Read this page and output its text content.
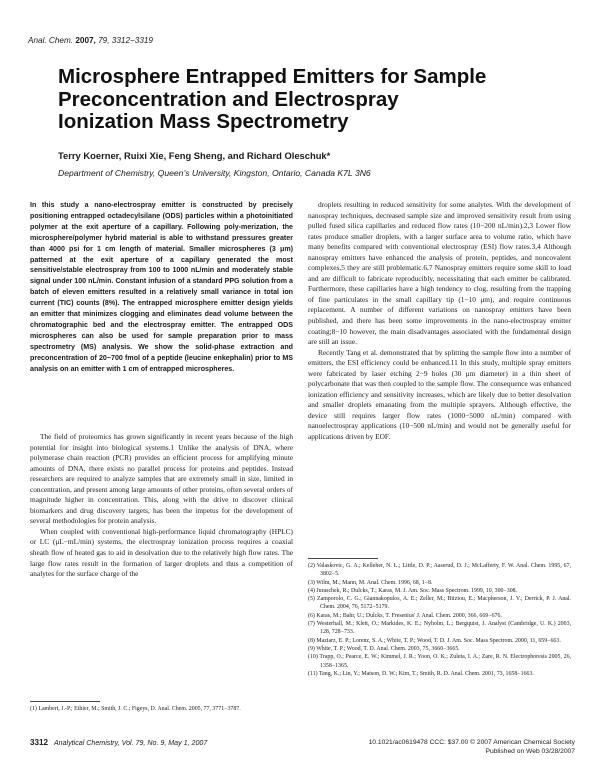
Anal. Chem. 2007, 79, 3312−3319
Microsphere Entrapped Emitters for Sample Preconcentration and Electrospray Ionization Mass Spectrometry
Terry Koerner, Ruixi Xie, Feng Sheng, and Richard Oleschuk*
Department of Chemistry, Queen’s University, Kingston, Ontario, Canada K7L 3N6
In this study a nano-electrospray emitter is constructed by precisely positioning entrapped octadecylsilane (ODS) particles within a photoinitiated polymer at the exit aperture of a capillary. Following poly-merization, the microsphere/polymer hybrid material is able to withstand pressures greater than 4000 psi for 1 cm length of material. Smaller microspheres (3 μm) patterned at the exit aperture of a capillary generated the most sensitive/stable electrospray from 100 to 1000 nL/min and moderately stable signal under 100 nL/min. Constant infusion of a standard PPG solution from a batch of eleven emitters resulted in a relatively small variance in total ion current (TIC) counts (8%). The entrapped microsphere emitter design yields an emitter that minimizes clogging and eliminates dead volume between the chromatographic bed and the electrospray emitter. The entrapped ODS microspheres can also be used for sample preparation prior to mass spectrometry (MS) analysis. We show the solid-phase extraction and preconcentration of 20−700 fmol of a peptide (leucine enkephalin) prior to MS analysis on an emitter with 1 cm of entrapped microspheres.

The field of proteomics has grown significantly in recent years because of the high potential for insight into biological systems.1 Unlike the analysis of DNA, where polymerase chain reaction (PCR) provides an efficient process for amplifying minute amounts of DNA, there exists no parallel process for proteins and peptides. Instead researchers are required to analyze samples that are extremely small in size, limited in concentration, and present among large amounts of other proteins, often several orders of magnitude higher in concentration. This, along with the drive to discover clinical biomarkers and drug discovery targets, has been the impetus for the development of several methodologies for protein analysis.

When coupled with conventional high-performance liquid chromatography (HPLC) or LC (μL−mL/min) systems, the electrospray ionization process requires a coaxial sheath flow of heated gas to aid in desolvation due to the relatively high flow rates. The large flow rates result in the formation of larger droplets and thus a competition of analytes for the surface charge of the

(1) Lambert, J.-P.; Ethier, M.; Smith, J. C.; Figeys, D. Anal. Chem. 2005, 77, 3771−3787.

droplets resulting in reduced sensitivity for some analytes. With the development of nanospray techniques, decreased sample size and improved sensitivity result from using pulled fused silica capillaries and reduced flow rates (10−200 nL/min).2,3 Lower flow rates produce smaller droplets, with a larger surface area to volume ratio, which have many benefits compared with conventional electrospray (ESI) flow rates.3,4 Although nanospray emitters have enhanced the analysis of protein, peptides, and noncovalent complexes,5 they are still problematic.6,7 Nanospray emitters require some skill to load and are difficult to fabricate reproducibly, necessitating that each emitter be calibrated. Furthermore, these capillaries have a high tendency to clog, resulting from the trapping of fine particulates in the small capillary tip (1−10 μm), and require continuous replacement. A number of different variations on nanospray emitters have been published, and there has been some improvements in the nano-electrospray emitter coating;8−10 however, the main disadvantages associated with the fundamental design are still an issue.

Recently Tang et al. demonstrated that by splitting the sample flow into a number of emitters, the ESI efficiency could be enhanced.11 In this study, multiple spray emitters were fabricated by laser etching 2−9 holes (30 μm diameter) in a thin sheet of polycarbonate that was then coupled to the sample flow. The consequence was enhanced ionization efficiency and sensitivity increases, which are likely due to better desolvation and smaller droplets emanating from the multiple sprayers. Although effective, the device still requires larger flow rates (1000−5000 nL/min) compared with nanoelectrospray applications (10−500 nL/min) and would not be generally useful for applications driven by EOF.

(2) Valaskovic, G. A.; Kelleher, N. L.; Little, D. P.; Aaserud, D. J.; McLafferty, F. W. Anal. Chem. 1995, 67, 3802−5.
(3) Wilm, M.; Mann, M. Anal. Chem. 1996, 68, 1−8.
(4) Juraschek, R.; Dulcks, T.; Karas, M. J. Am. Soc. Mass Spectrom. 1999, 10, 300−308.
(5) Zamporolo, C. G.; Giannakopulos, A. E.; Zeller, M.; Bitziou, E.; Macpherson, J. V.; Derrick, P. J. Anal. Chem. 2004, 76, 5172−5179.
(6) Karas, M.; Bahr, U.; Dulcks, T. Fresenius' J. Anal. Chem. 2000, 366, 669−676.
(7) Westerhall, M.; Klett, O.; Markides, K. E.; Nyholm, L.; Bergquist, J. Analyst (Cambridge, U. K.) 2003, 128, 728−733.
(8) Maziarz, E. P.; Lorenz, S. A.; White, T. P.; Wood, T. D. J. Am. Soc. Mass Spectrom. 2000, 11, 659−663.
(9) White, T. P.; Wood, T. D. Anal. Chem. 2003, 75, 3660−3665.
(10) Trapp, O.; Pearce, E. W.; Kimmel, J. R.; Yoon, O. K.; Zuleta, I. A.; Zare, R. N. Electrophoresis 2005, 26, 1358−1365.
(11) Tang, K.; Lin, Y.; Matson, D. W.; Kim, T.; Smith, R. D. Anal. Chem. 2001, 73, 1658−1663.
3312 Analytical Chemistry, Vol. 79, No. 9, May 1, 2007	10.1021/ac0619478 CCC: $37.00 © 2007 American Chemical Society
Published on Web 03/28/2007
